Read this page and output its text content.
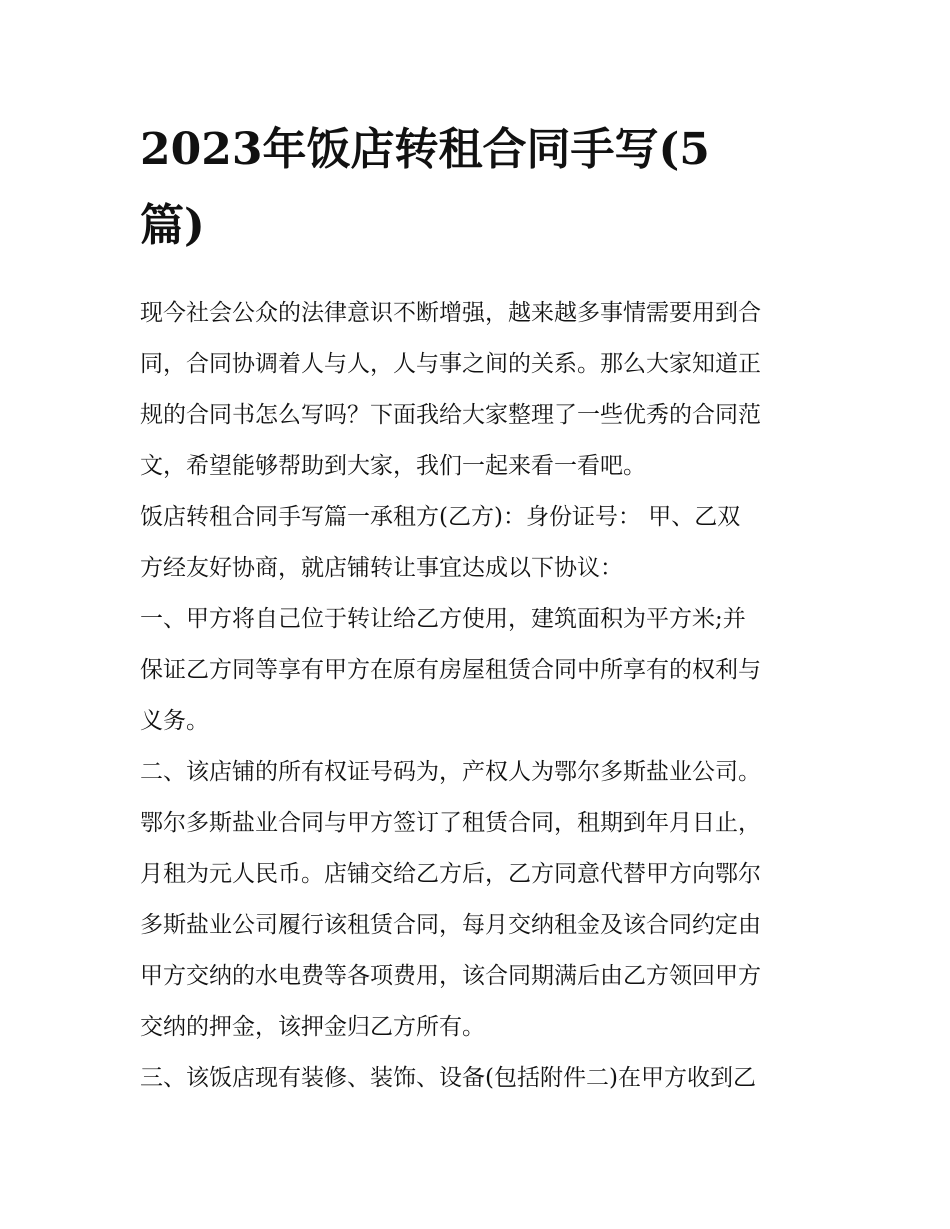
2023年饭店转租合同手写(5
篇)

现今社会公众的法律意识不断增强，越来越多事情需要用到合
同，合同协调着人与人，人与事之间的关系。那么大家知道正
规的合同书怎么写吗？下面我给大家整理了一些优秀的合同范
文，希望能够帮助到大家，我们一起来看一看吧。

饭店转租合同手写篇一承租方(乙方)：身份证号： 甲、乙双
方经友好协商，就店铺转让事宜达成以下协议：

一、甲方将自己位于转让给乙方使用，建筑面积为平方米;并
保证乙方同等享有甲方在原有房屋租赁合同中所享有的权利与
义务。

二、该店铺的所有权证号码为，产权人为鄂尔多斯盐业公司。
鄂尔多斯盐业合同与甲方签订了租赁合同，租期到年月日止，
月租为元人民币。店铺交给乙方后，乙方同意代替甲方向鄂尔
多斯盐业公司履行该租赁合同，每月交纳租金及该合同约定由
甲方交纳的水电费等各项费用，该合同期满后由乙方领回甲方
交纳的押金，该押金归乙方所有。

三、该饭店现有装修、装饰、设备(包括附件二)在甲方收到乙
